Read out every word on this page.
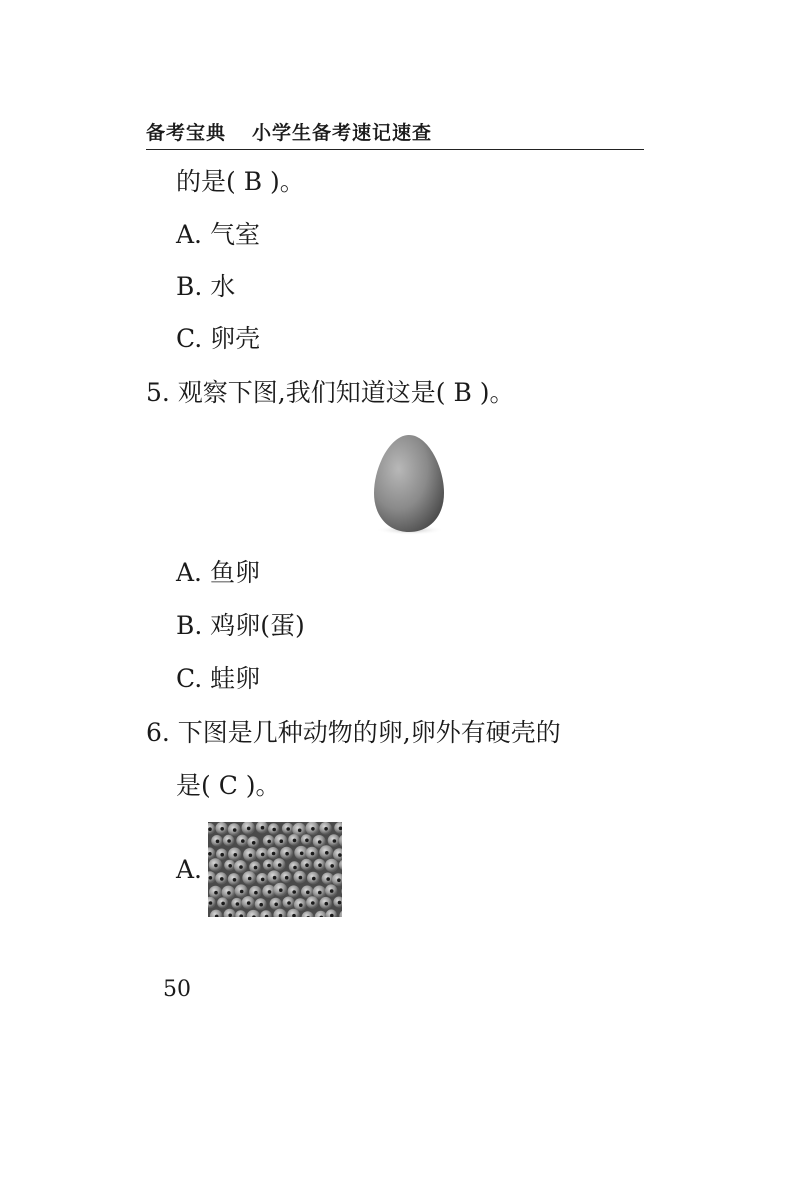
备考宝典 小学生备考速记速查
的是( B )。
A. 气室
B. 水
C. 卵壳
5. 观察下图,我们知道这是( B )。
A. 鱼卵
B. 鸡卵(蛋)
C. 蛙卵
6. 下图是几种动物的卵,卵外有硬壳的
是( C )。
A.
50
